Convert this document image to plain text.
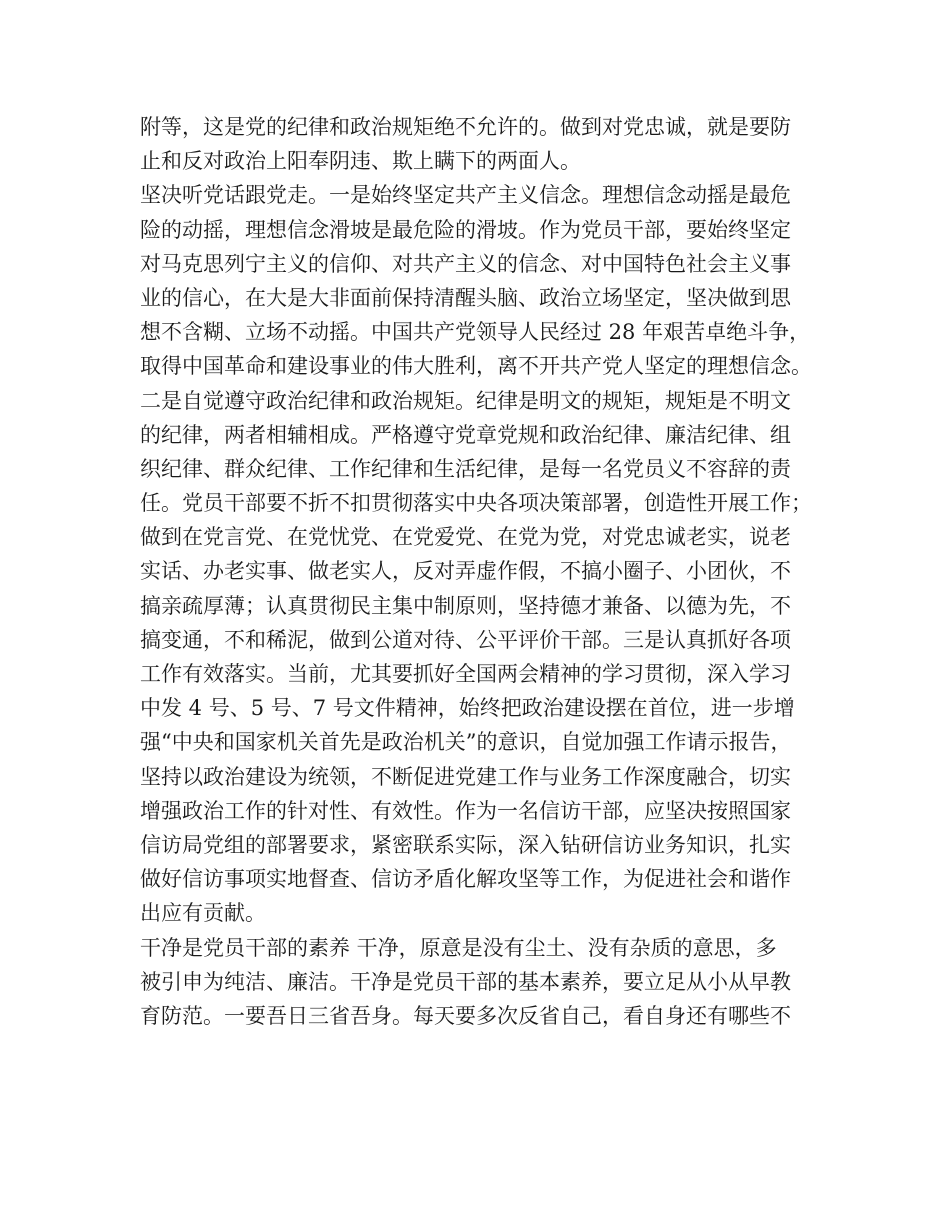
附等，这是党的纪律和政治规矩绝不允许的。做到对党忠诚，就是要防
止和反对政治上阳奉阴违、欺上瞒下的两面人。
坚决听党话跟党走。一是始终坚定共产主义信念。理想信念动摇是最危
险的动摇，理想信念滑坡是最危险的滑坡。作为党员干部，要始终坚定
对马克思列宁主义的信仰、对共产主义的信念、对中国特色社会主义事
业的信心，在大是大非面前保持清醒头脑、政治立场坚定，坚决做到思
想不含糊、立场不动摇。中国共产党领导人民经过 28 年艰苦卓绝斗争，
取得中国革命和建设事业的伟大胜利，离不开共产党人坚定的理想信念。
二是自觉遵守政治纪律和政治规矩。纪律是明文的规矩，规矩是不明文
的纪律，两者相辅相成。严格遵守党章党规和政治纪律、廉洁纪律、组
织纪律、群众纪律、工作纪律和生活纪律，是每一名党员义不容辞的责
任。党员干部要不折不扣贯彻落实中央各项决策部署，创造性开展工作；
做到在党言党、在党忧党、在党爱党、在党为党，对党忠诚老实，说老
实话、办老实事、做老实人，反对弄虚作假，不搞小圈子、小团伙，不
搞亲疏厚薄；认真贯彻民主集中制原则，坚持德才兼备、以德为先，不
搞变通，不和稀泥，做到公道对待、公平评价干部。三是认真抓好各项
工作有效落实。当前，尤其要抓好全国两会精神的学习贯彻，深入学习
中发 4 号、5 号、7 号文件精神，始终把政治建设摆在首位，进一步增
强“中央和国家机关首先是政治机关”的意识，自觉加强工作请示报告，
坚持以政治建设为统领，不断促进党建工作与业务工作深度融合，切实
增强政治工作的针对性、有效性。作为一名信访干部，应坚决按照国家
信访局党组的部署要求，紧密联系实际，深入钻研信访业务知识，扎实
做好信访事项实地督查、信访矛盾化解攻坚等工作，为促进社会和谐作
出应有贡献。
干净是党员干部的素养 干净，原意是没有尘土、没有杂质的意思，多
被引申为纯洁、廉洁。干净是党员干部的基本素养，要立足从小从早教
育防范。一要吾日三省吾身。每天要多次反省自己，看自身还有哪些不
